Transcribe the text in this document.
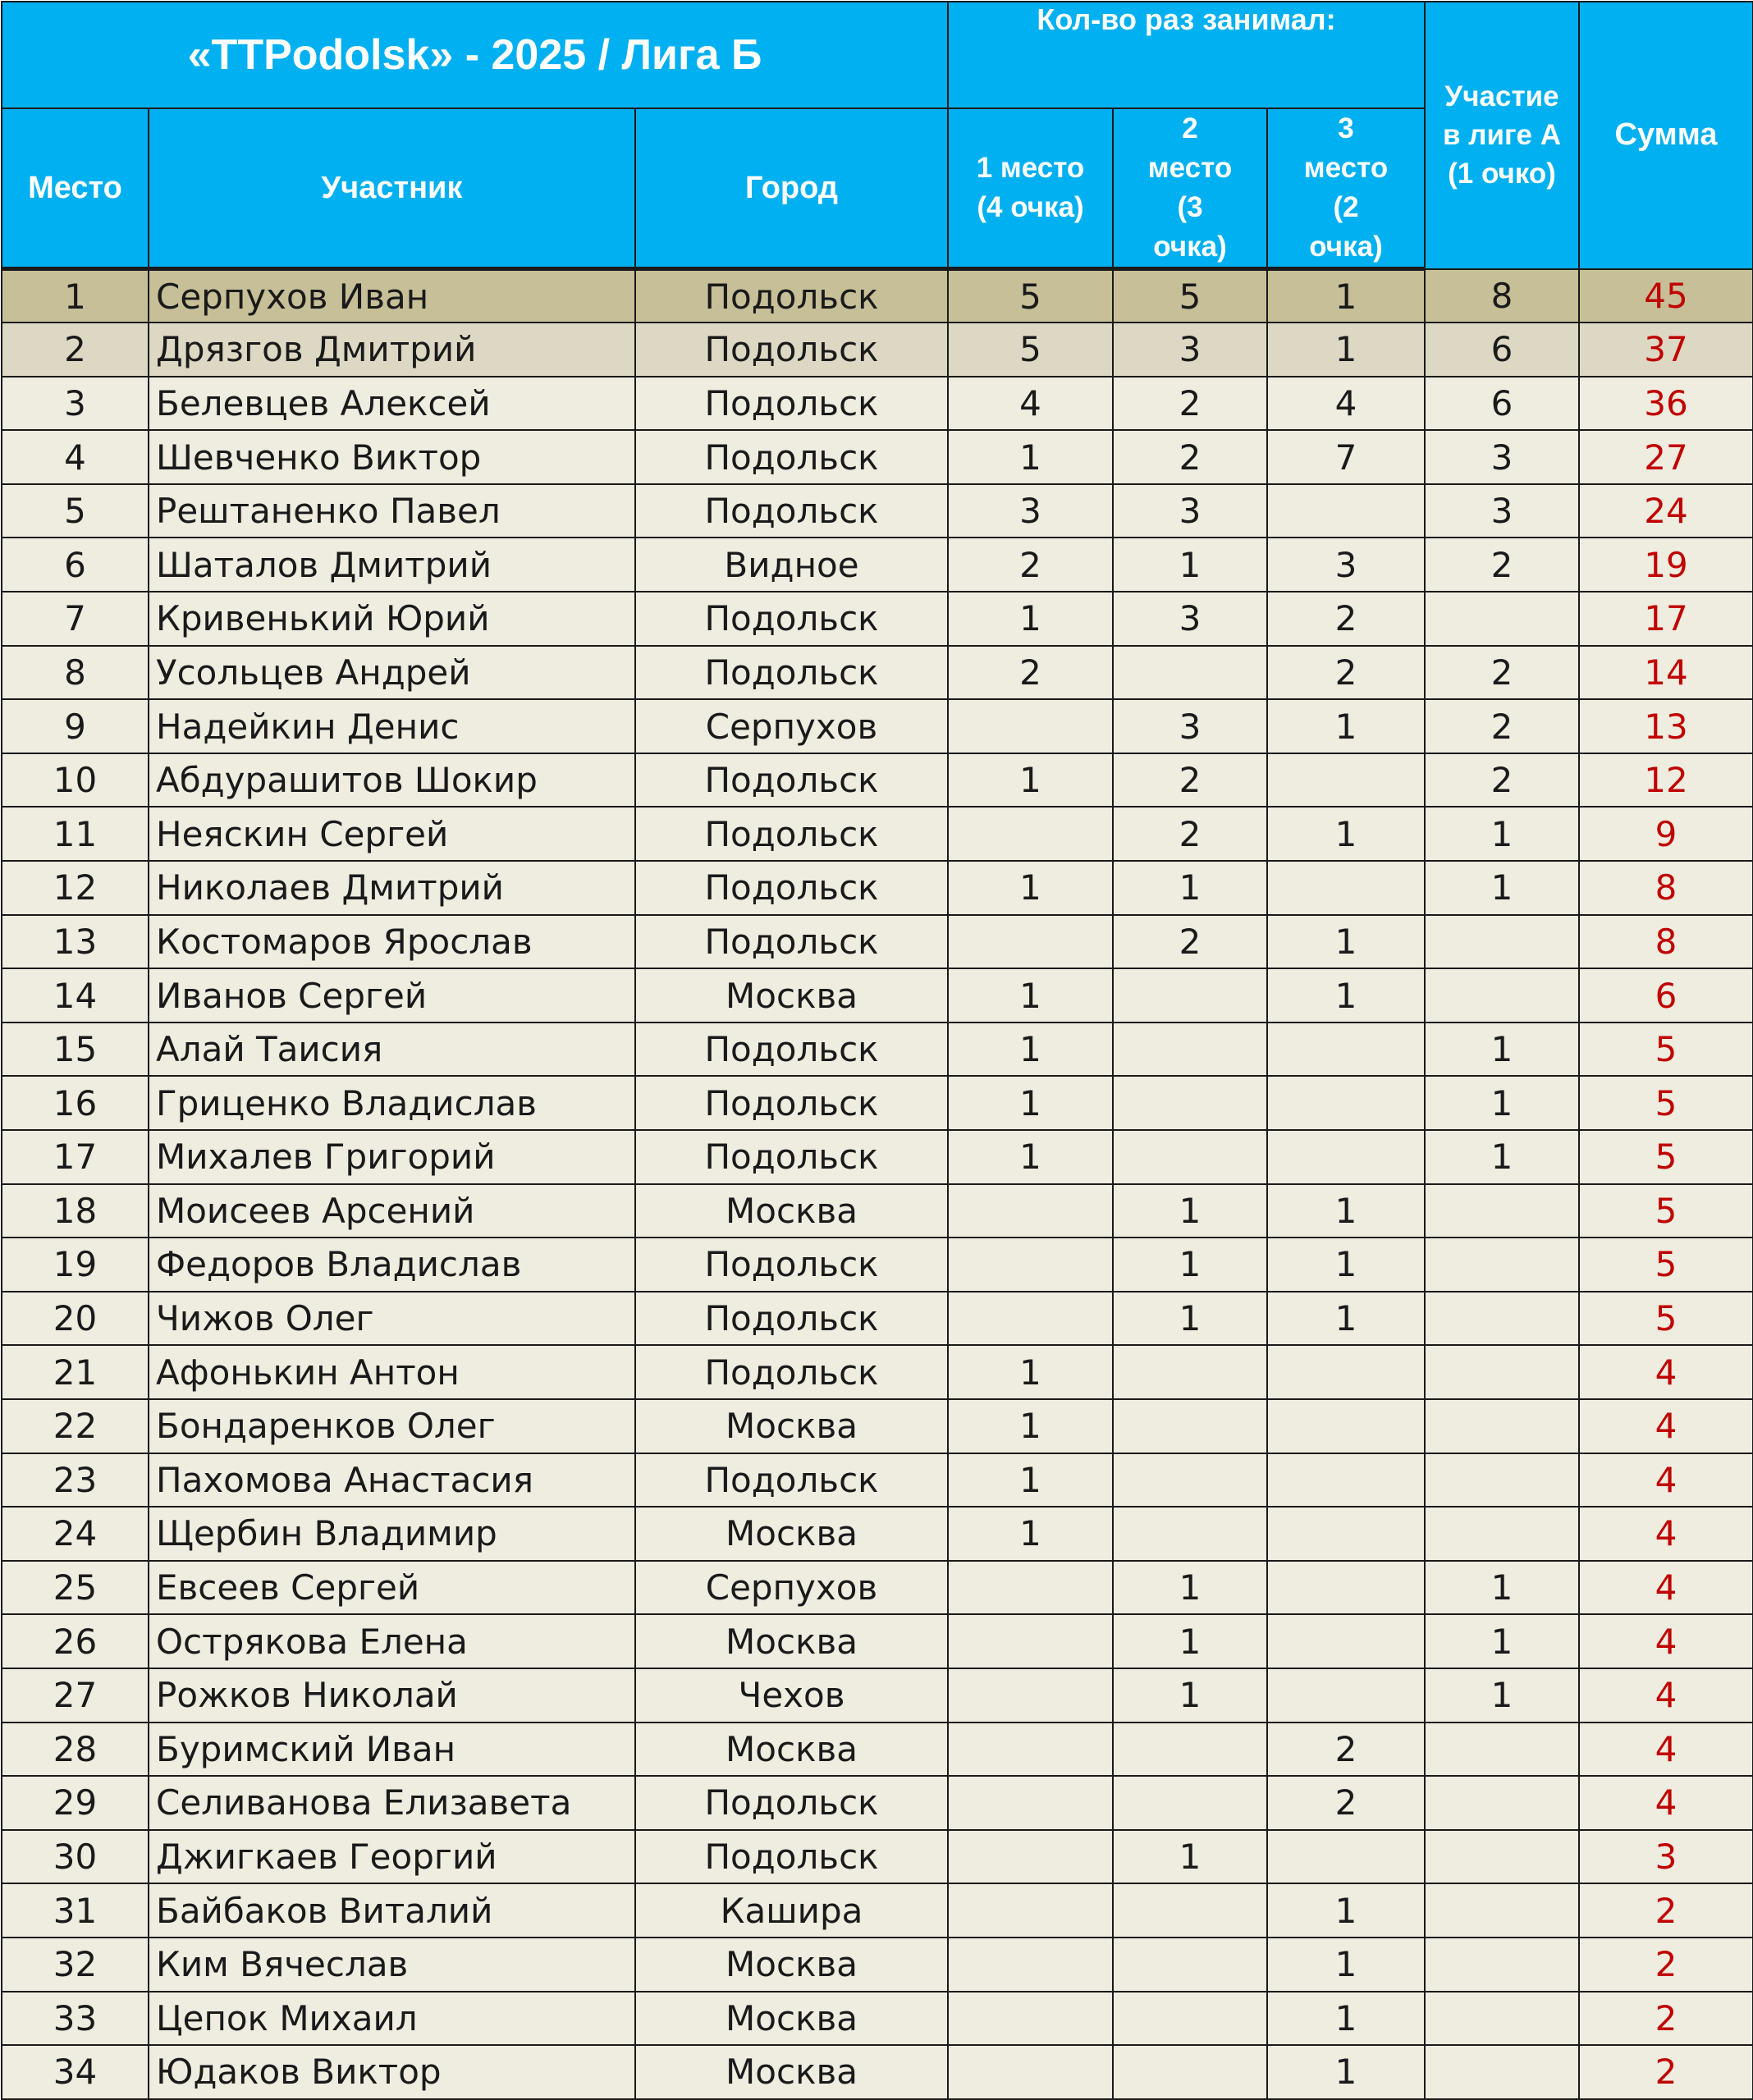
«TTPodolsk» - 2025 / Лига Б			Кол-во раз занимал:			Участие в лиге А (1 очко)	Сумма
Место	Участник	Город	1 место (4 очка)	2 место (3 очка)	3 место (2 очка)		

1	Серпухов Иван	Подольск	5	5	1	8	45
2	Дрязгов Дмитрий	Подольск	5	3	1	6	37
3	Белевцев Алексей	Подольск	4	2	4	6	36
4	Шевченко Виктор	Подольск	1	2	7	3	27
5	Рештаненко Павел	Подольск	3	3		3	24
6	Шаталов Дмитрий	Видное	2	1	3	2	19
7	Кривенький Юрий	Подольск	1	3	2		17
8	Усольцев Андрей	Подольск	2		2	2	14
9	Надейкин Денис	Серпухов		3	1	2	13
10	Абдурашитов Шокир	Подольск	1	2		2	12
11	Неяскин Сергей	Подольск		2	1	1	9
12	Николаев Дмитрий	Подольск	1	1		1	8
13	Костомаров Ярослав	Подольск		2	1		8
14	Иванов Сергей	Москва	1		1		6
15	Алай Таисия	Подольск	1			1	5
16	Гриценко Владислав	Подольск	1			1	5
17	Михалев Григорий	Подольск	1			1	5
18	Моисеев Арсений	Москва		1	1		5
19	Федоров Владислав	Подольск		1	1		5
20	Чижов Олег	Подольск		1	1		5
21	Афонькин Антон	Подольск	1				4
22	Бондаренков Олег	Москва	1				4
23	Пахомова Анастасия	Подольск	1				4
24	Щербин Владимир	Москва	1				4
25	Евсеев Сергей	Серпухов		1		1	4
26	Острякова Елена	Москва		1		1	4
27	Рожков Николай	Чехов		1		1	4
28	Буримский Иван	Москва			2		4
29	Селиванова Елизавета	Подольск			2		4
30	Джигкаев Георгий	Подольск		1			3
31	Байбаков Виталий	Кашира			1		2
32	Ким Вячеслав	Москва			1		2
33	Цепок Михаил	Москва			1		2
34	Юдаков Виктор	Москва			1		2
